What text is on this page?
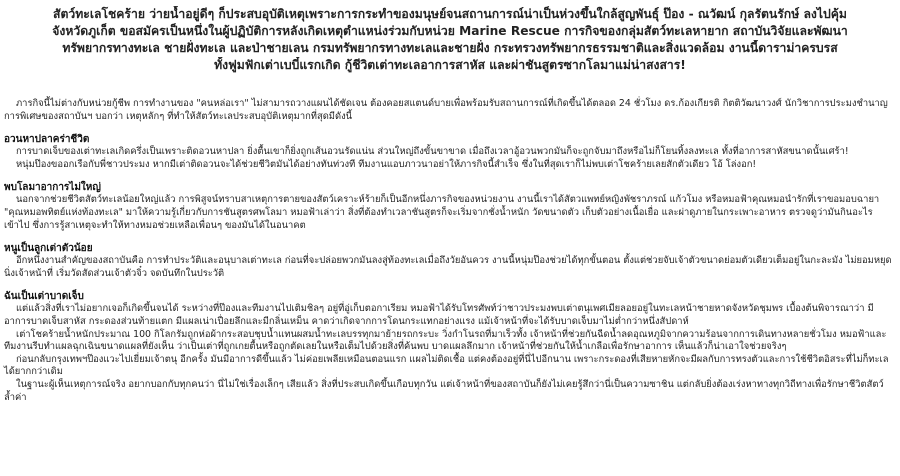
สัตว์ทะเลโชคร้าย ว่ายน้ำอยู่ดีๆ ก็ประสบอุบัติเหตุเพราะการกระทำของมนุษย์จนสถานการณ์น่าเป็นห่วงขึ้นใกล้สูญพันธุ์ ป๊อง - ณวัฒน์ กุลรัตนรักษ์ ลงไปคุ้ม
จังหวัดภูเก็ต ขอสมัครเป็นหนึ่งในผู้ปฏิบัติการหลังเกิดเหตุตำแหน่งร่วมกับหน่วย Marine Rescue การกิจของกลุ่มสัตว์ทะเลหายาก สถาบันวิจัยและพัฒนา
ทรัพยากรทางทะเล ชายฝั่งทะเล และป่าชายเลน กรมทรัพยากรทางทะเลและชายฝั่ง กระทรวงทรัพยากรธรรมชาติและสิ่งแวดล้อม งานนี้ดาราม่าครบรส
ทั้งฟูมฟักเต่าเบบี๋แรกเกิด กู้ชีวิตเต่าทะเลอาการสาหัส และผ่าชันสูตรซากโลมาแม่น่าสงสาร!

ภารกิจนี้ไม่ต่างกับหน่วยกู้ชีพ การทำงานของ "คนหล่อเรา" ไม่สามารถวางแผนได้ชัดเจน ต้องคอยสแตนด์บายเพื่อพร้อมรับสถานการณ์ที่เกิดขึ้นได้ตลอด 24 ชั่วโมง ดร.ก้องเกียรติ กิตติวัฒนาวงศ์ นักวิชาการประมงชำนาญการพิเศษของสถาบันฯ บอกว่า เหตุหลักๆ ที่ทำให้สัตว์ทะเลประสบอุบัติเหตุมากที่สุดมีดังนี้

อวนหาปลาคร่าชีวิต

การบาดเจ็บของเต่าทะเลเกิดครึ่งเป็นเพราะติดอวนหาปลา ยิ่งตื้นเขาก็ยิ่งถูกเส้นอวนรัดแน่น ส่วนใหญ่ถึงขั้นขาขาด เมื่อถึงเวลาอู้อวนพวกมันก็จะถูกจับมาถึงหรือไม่ก็โยนทิ้งลงทะเล ทั้งที่อาการสาหัสขนาดนั้นเศร้า!

หนุ่มป๊องขออกเรือกับพี่ชาวประมง หากมีเต่าติดอวนจะได้ช่วยชีวิตมันได้อย่างทันท่วงที ทีมงานแอบภาวนาอย่าให้ภารกิจนี้สำเร็จ ซึ่งในที่สุดเราก็ไม่พบเต่าโชคร้ายเลยสักตัวเดียว โอ้ โล่งอก!

พบโลมาอาการไม่ใหญ่

นอกจากช่วยชีวิตสัตว์ทะเลน้อยใหญ่แล้ว การพิสูจน์ทราบสาเหตุการตายของสัตว์เคราะห์ร้ายก็เป็นอีกหนึ่งภารกิจของหน่วยงาน งานนี้เราได้สัตวแพทย์หญิงพัชราภรณ์ แก้วโมง หรือหมอฟ้าคุณหมอนำรักที่เราขอมอบฉายา "คุณหมอพทิตย์แห่งท้องทะเล" มาให้ความรู้เกี่ยวกับการชันสูตรศพโลมา หมอฟ้าเล่าว่า สิ่งที่ต้องทำเวลาชันสูตรก็จะเริ่มจากชั่งน้ำหนัก วัดขนาดตัว เก็บตัวอย่างเนื้อเยื่อ และผ่าดูภายในกระเพาะอาหาร ตรวจดูว่ามันกินอะไรเข้าไป ซึ่งการรู้สาเหตุจะทำให้ทางหมอช่วยเหลือเพื่อนๆ ของมันได้ในอนาคต

หนูเป็นลูกเต่าตัวน้อย

อีกหนึ่งงานสำคัญของสถาบันคือ การทำประวัติและอนุบาลเต่าทะเล ก่อนที่จะปล่อยพวกมันลงสู่ท้องทะเลเมื่อถึงวัยอันควร งานนี้หนุ่มป๊องช่วยได้ทุกขั้นตอน ตั้งแต่ช่วยจับเจ้าตัวขนาดย่อมตัวเดียวเต็มอยู่ในกะละมัง ไม่ยอมหยุดนิ่งเจ้าหน้าที่ เริ่มวัดสัดส่วนเจ้าตัวจิ๋ว จดบันทึกในประวัติ

ฉันเป็นเต่าบาดเจ็บ

แต่แล้วสิ่งที่เราไม่อยากเจอก็เกิดขึ้นจนได้ ระหว่างที่ป๊องและทีมงานไปเติมชิลๆ อยู่ที่อู่เก็บตอกาเรียม หมอฟ้าได้รับโทรศัพท์ว่าชาวประมงพบเต่าตนุเพศเมียลอยอยู่ในทะเลหน้าชายหาดจังหวัดชุมพร เบื้องต้นพิจารณาว่า มีอาการบาดเจ็บสาหัส กระดองส่วนท้ายแตก มีแผลเน่าเปื่อยลึกและมีกลิ่นเหม็น คาดว่าเกิดจากการโดนกระแทกอย่างแรง แม้เจ้าหน้าที่จะได้รับบาดเจ็บมาไม่ต่ำกว่าหนึ่งสัปดาห์

เต่าโชคร้ายน้ำหนักประมาณ 100 กิโลกรัมถูกห่อผ้ากระสอบชุบน้ำแทนผสมน้ำทะเลบรรทุกมาย้ายรถกระบะ วิ่งกำโนรถที่มาเร็วทั้ง เจ้าหน้าที่ช่วยกันฉีดน้ำลดอุณหภูมิจากความร้อนจากการเดินทางหลายชั่วโมง หมอฟ้าและทีมงานรีบทำแผลฉุกเฉินขนาดแผลที่ยังเห็น ว่าเป็นเต่าที่ถูกเกยตื้นหรือถูกตัดเลยในหรือเต็มไปด้วยสิ่งที่ค้นพบ บาดแผลลึกมาก เจ้าหน้าที่ช่วยกันให้น้ำเกลือเพื่อรักษาอาการ เห็นแล้วก็น่าเอาใจช่วยจริงๆ

ก่อนกลับกรุงเทพฯป๊องแวะไปเยี่ยมเจ้าตนุ อีกครั้ง มันมีอาการดีขึ้นแล้ว ไม่ค่อยเพลียเหมือนตอนแรก แผลไม่ติดเชื้อ แต่คงต้องอยู่ที่นี่ไปอีกนาน เพราะกระดองที่เสียหายหักจะมีผลกับการทรงตัวและการใช้ชีวิตอิสระที่ไม่ก็ทะเลได้ยากกว่าเดิม

ในฐานะผู้เห็นเหตุการณ์จริง อยากบอกกับทุกคนว่า นี่ไม่ใช่เรื่องเล็กๆ เสียแล้ว สิ่งที่ประสบเกิดขึ้นเกือบทุกวัน แต่เจ้าหน้าที่ของสถาบันก็ยังไม่เคยรู้สึกว่านี่เป็นความซาชิน แต่กลับยิ่งต้องเร่งหาทางทุกวิถีทางเพื่อรักษาชีวิตสัตว์ล้ำค่า
